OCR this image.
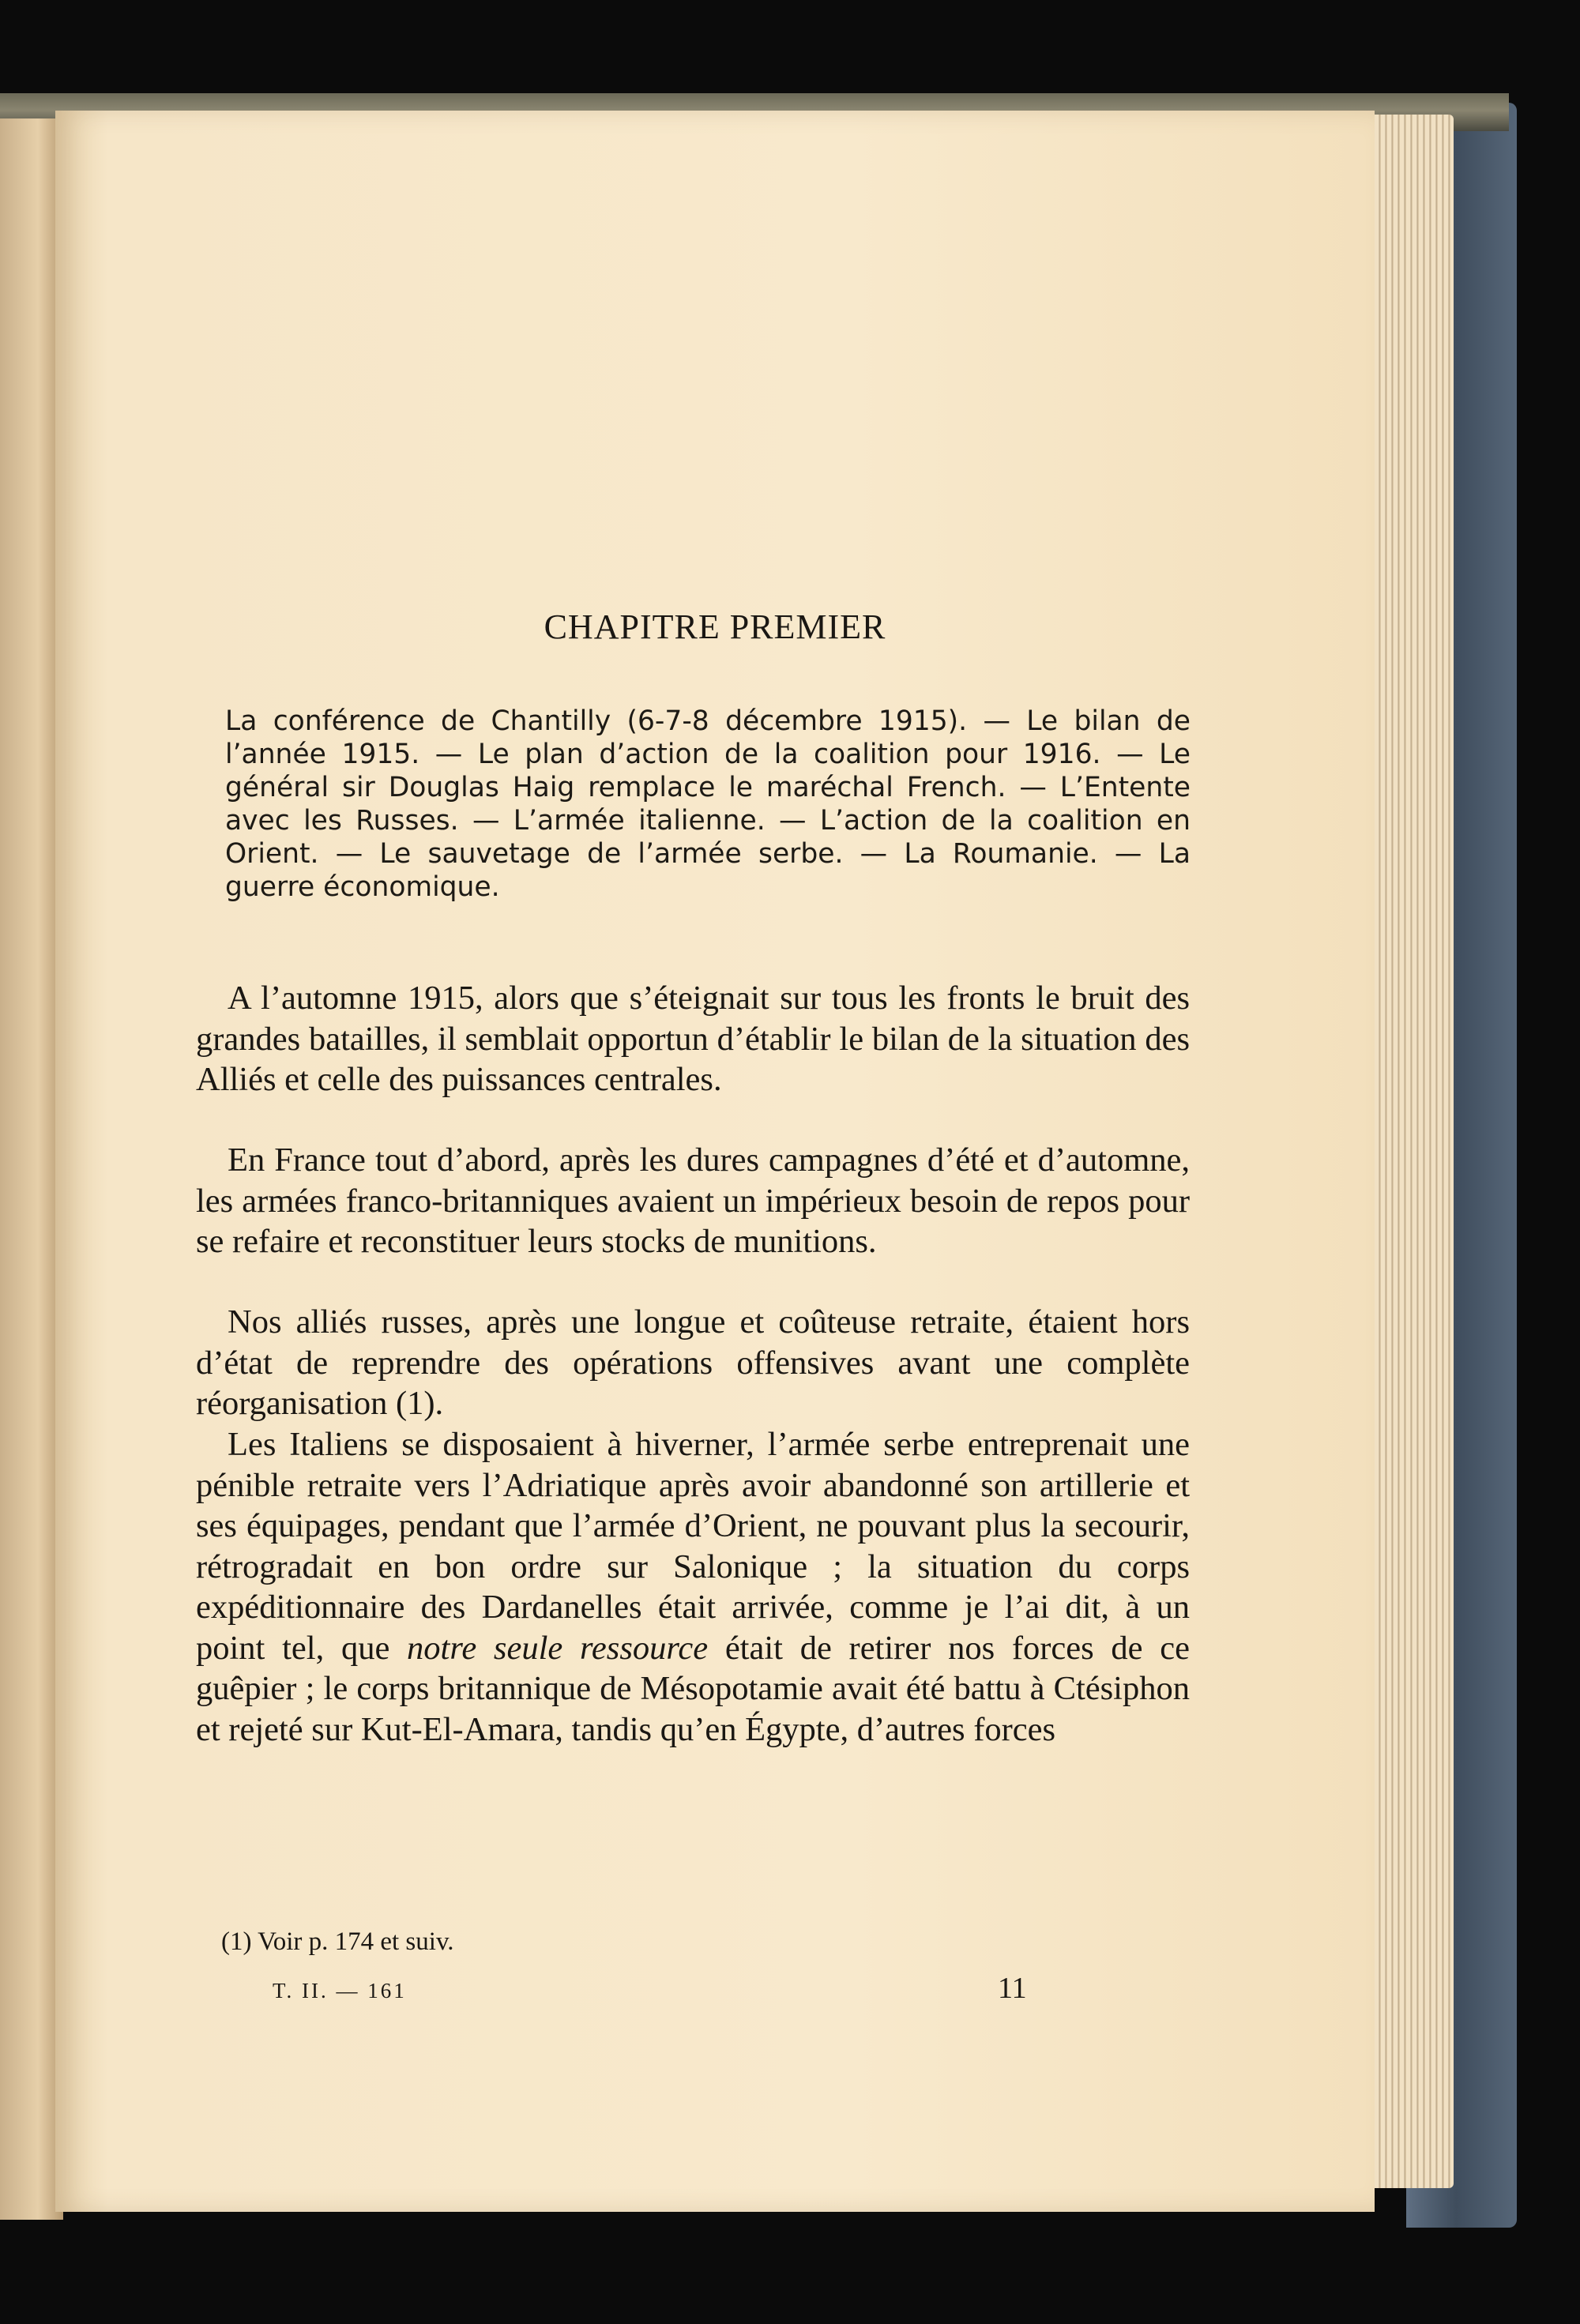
CHAPITRE PREMIER
La conférence de Chantilly (6-7-8 décembre 1915). — Le bilan de l’année 1915. — Le plan d’action de la coalition pour 1916. — Le général sir Douglas Haig remplace le maréchal French. — L’Entente avec les Russes. — L’armée italienne. — L’action de la coalition en Orient. — Le sauvetage de l’armée serbe. — La Roumanie. — La guerre économique.

A l’automne 1915, alors que s’éteignait sur tous les fronts le bruit des grandes batailles, il semblait opportun d’établir le bilan de la situation des Alliés et celle des puissances centrales.

En France tout d’abord, après les dures campagnes d’été et d’automne, les armées franco-britanniques avaient un impérieux besoin de repos pour se refaire et reconstituer leurs stocks de munitions.

Nos alliés russes, après une longue et coûteuse retraite, étaient hors d’état de reprendre des opérations offensives avant une complète réorganisation (1).

Les Italiens se disposaient à hiverner, l’armée serbe entreprenait une pénible retraite vers l’Adriatique après avoir abandonné son artillerie et ses équipages, pendant que l’armée d’Orient, ne pouvant plus la secourir, rétrogradait en bon ordre sur Salonique ; la situation du corps expéditionnaire des Dardanelles était arrivée, comme je l’ai dit, à un point tel, que notre seule ressource était de retirer nos forces de ce guêpier ; le corps britannique de Mésopotamie avait été battu à Ctésiphon et rejeté sur Kut-El-Amara, tandis qu’en Égypte, d’autres forces

(1) Voir p. 174 et suiv.
T. II. — 161	11
